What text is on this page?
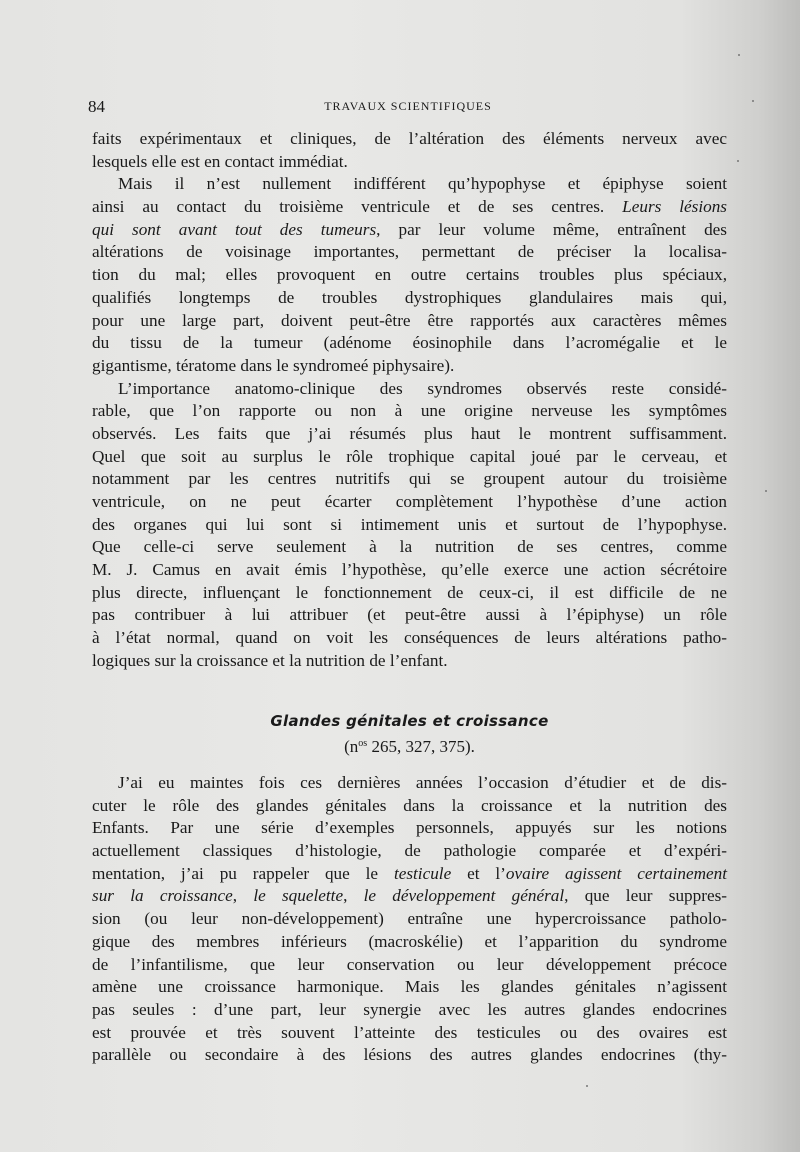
84	TRAVAUX SCIENTIFIQUES
faits expérimentaux et cliniques, de l’altération des éléments nerveux avec
lesquels elle est en contact immédiat.
Mais il n’est nullement indifférent qu’hypophyse et épiphyse soient
ainsi au contact du troisième ventricule et de ses centres. Leurs lésions
qui sont avant tout des tumeurs, par leur volume même, entraînent des
altérations de voisinage importantes, permettant de préciser la localisa-
tion du mal; elles provoquent en outre certains troubles plus spéciaux,
qualifiés longtemps de troubles dystrophiques glandulaires mais qui,
pour une large part, doivent peut-être être rapportés aux caractères mêmes
du tissu de la tumeur (adénome éosinophile dans l’acromégalie et le
gigantisme, tératome dans le syndromeé piphysaire).
L’importance anatomo-clinique des syndromes observés reste considé-
rable, que l’on rapporte ou non à une origine nerveuse les symptômes
observés. Les faits que j’ai résumés plus haut le montrent suffisamment.
Quel que soit au surplus le rôle trophique capital joué par le cerveau, et
notamment par les centres nutritifs qui se groupent autour du troisième
ventricule, on ne peut écarter complètement l’hypothèse d’une action
des organes qui lui sont si intimement unis et surtout de l’hypophyse.
Que celle-ci serve seulement à la nutrition de ses centres, comme
M. J. Camus en avait émis l’hypothèse, qu’elle exerce une action sécrétoire
plus directe, influençant le fonctionnement de ceux-ci, il est difficile de ne
pas contribuer à lui attribuer (et peut-être aussi à l’épiphyse) un rôle
à l’état normal, quand on voit les conséquences de leurs altérations patho-
logiques sur la croissance et la nutrition de l’enfant.
Glandes génitales et croissance
($n^{os}$ 265, 327, 375).
J’ai eu maintes fois ces dernières années l’occasion d’étudier et de dis-
cuter le rôle des glandes génitales dans la croissance et la nutrition des
Enfants. Par une série d’exemples personnels, appuyés sur les notions
actuellement classiques d’histologie, de pathologie comparée et d’expéri-
mentation, j’ai pu rappeler que le testicule et l’ovaire agissent certainement
sur la croissance, le squelette, le développement général, que leur suppres-
sion (ou leur non-développement) entraîne une hypercroissance patholo-
gique des membres inférieurs (macroskélie) et l’apparition du syndrome
de l’infantilisme, que leur conservation ou leur développement précoce
amène une croissance harmonique. Mais les glandes génitales n’agissent
pas seules : d’une part, leur synergie avec les autres glandes endocrines
est prouvée et très souvent l’atteinte des testicules ou des ovaires est
parallèle ou secondaire à des lésions des autres glandes endocrines (thy-
